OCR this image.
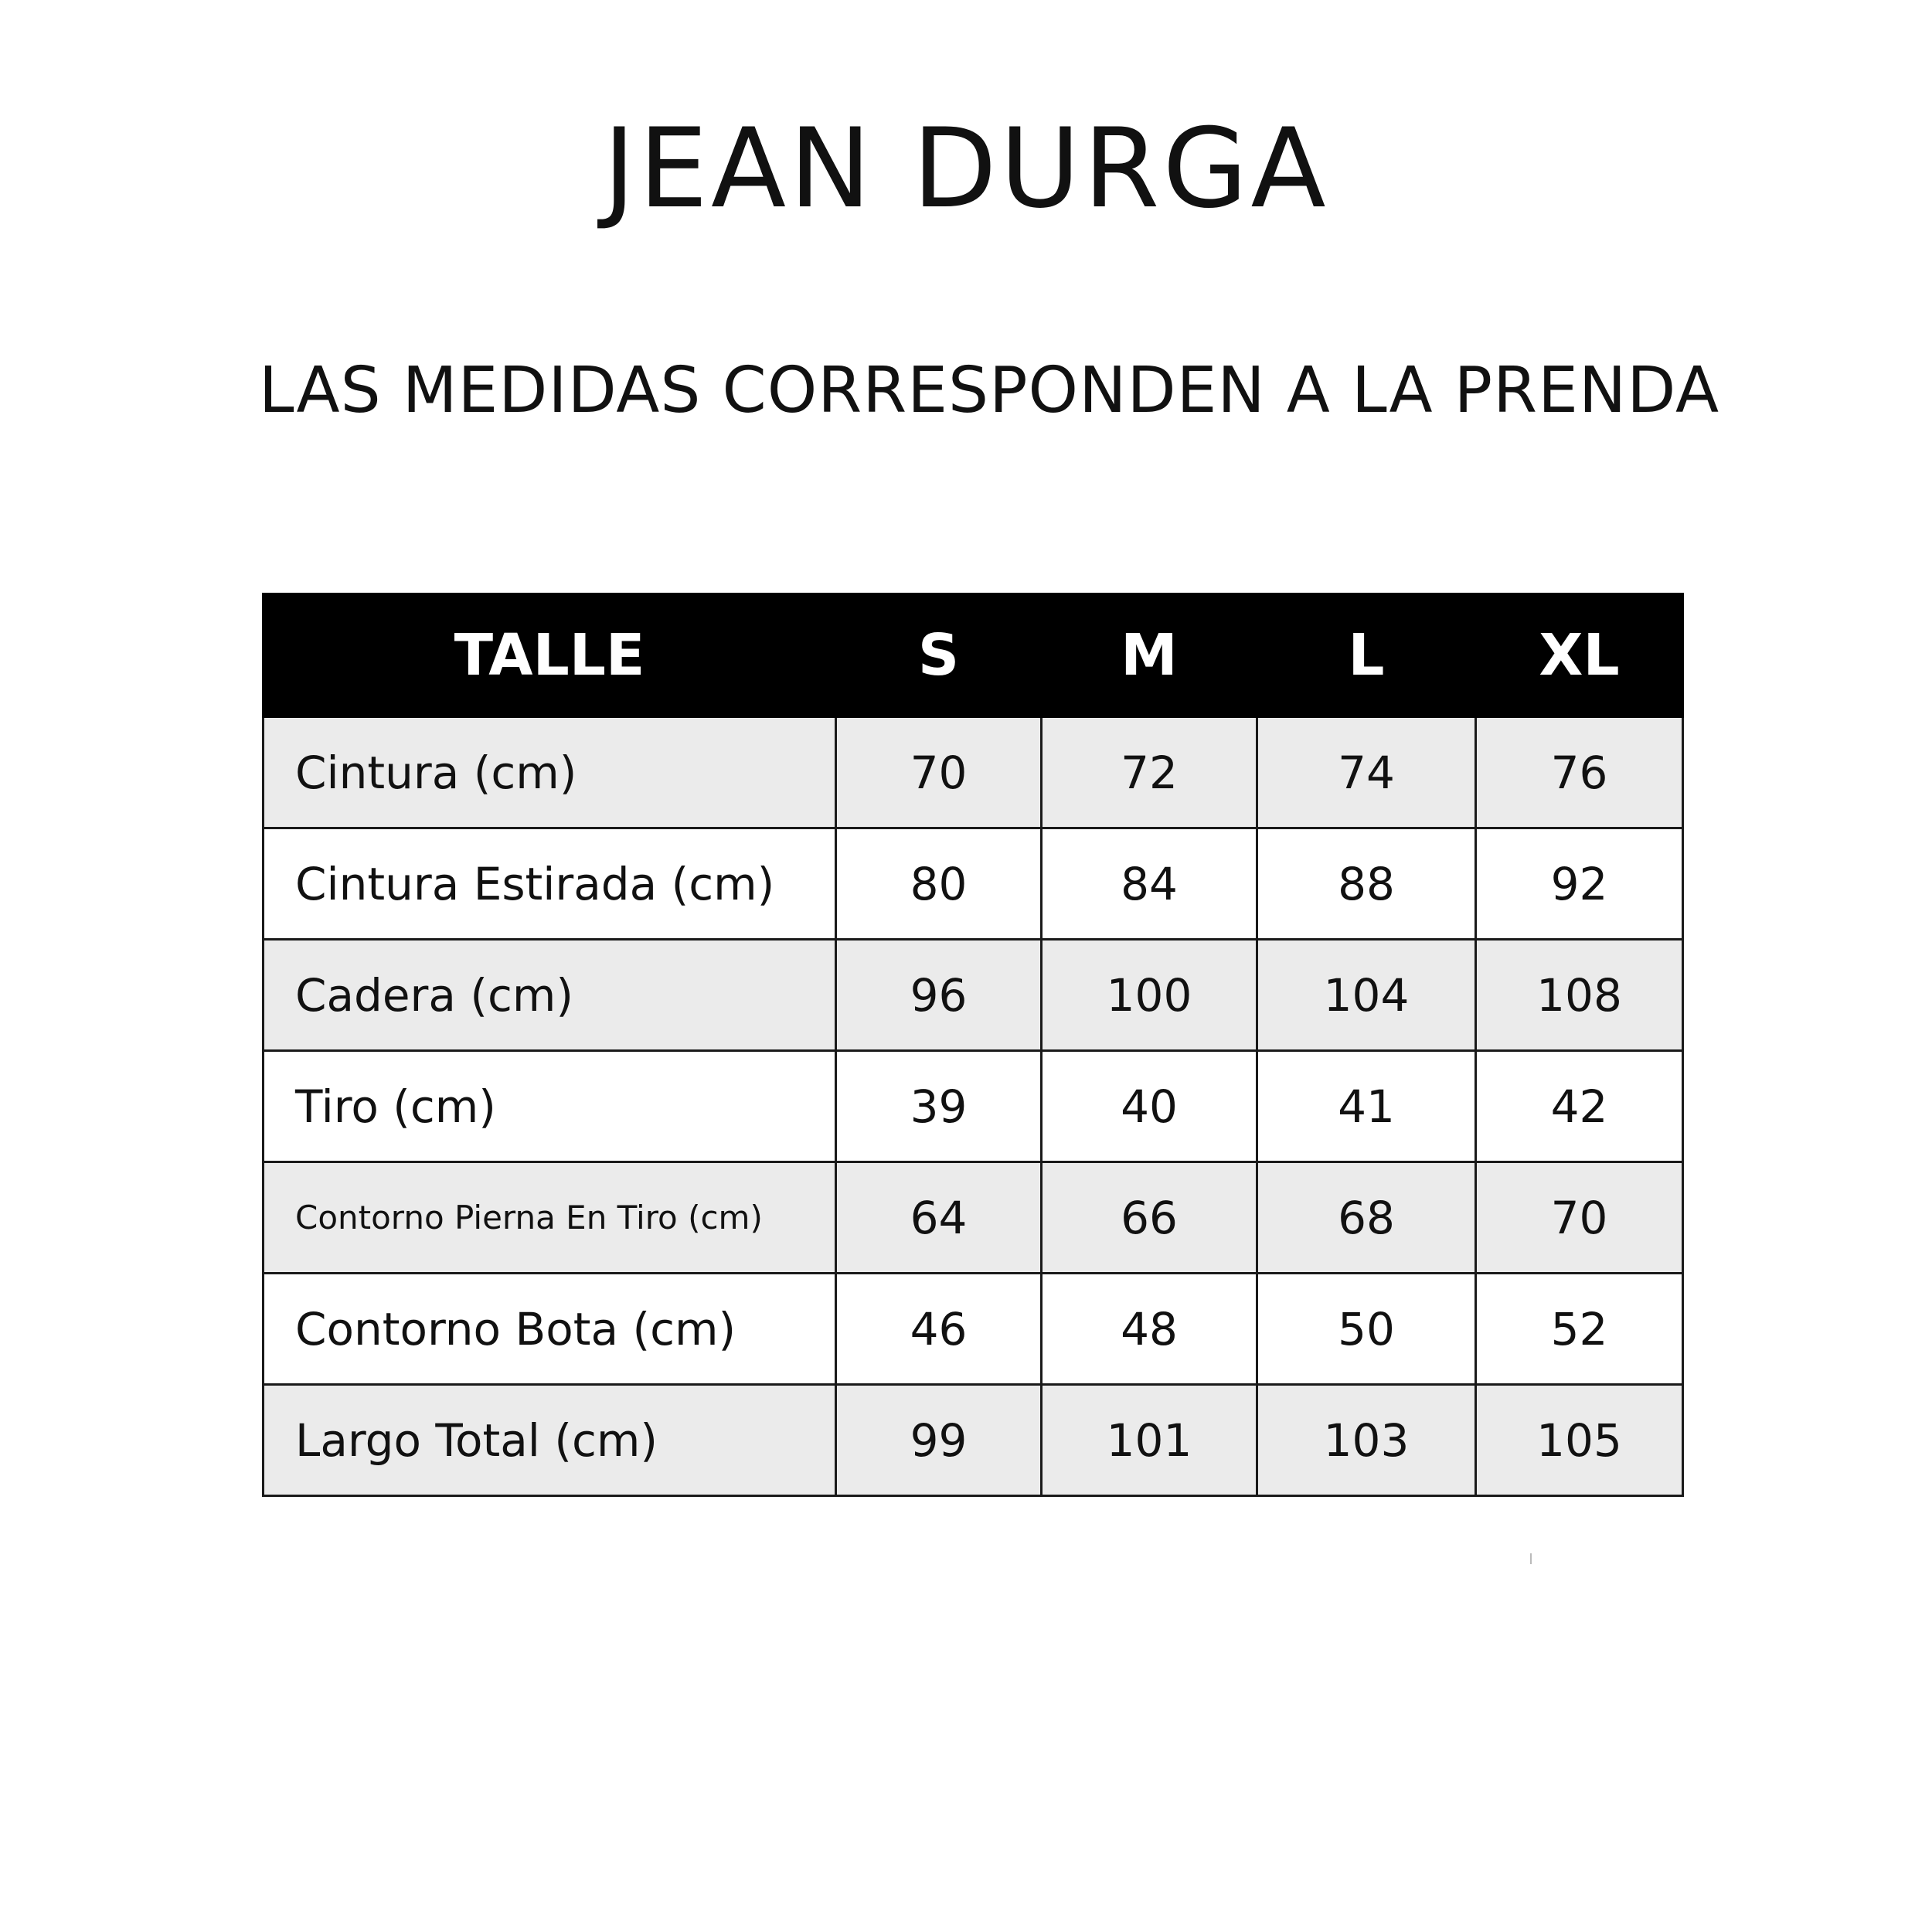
JEAN DURGA
LAS MEDIDAS CORRESPONDEN A LA PRENDA
TALLE	S	M	L	XL
Cintura (cm)	70	72	74	76
Cintura Estirada (cm)	80	84	88	92
Cadera (cm)	96	100	104	108
Tiro (cm)	39	40	41	42
Contorno Pierna En Tiro (cm)	64	66	68	70
Contorno Bota (cm)	46	48	50	52
Largo Total (cm)	99	101	103	105
